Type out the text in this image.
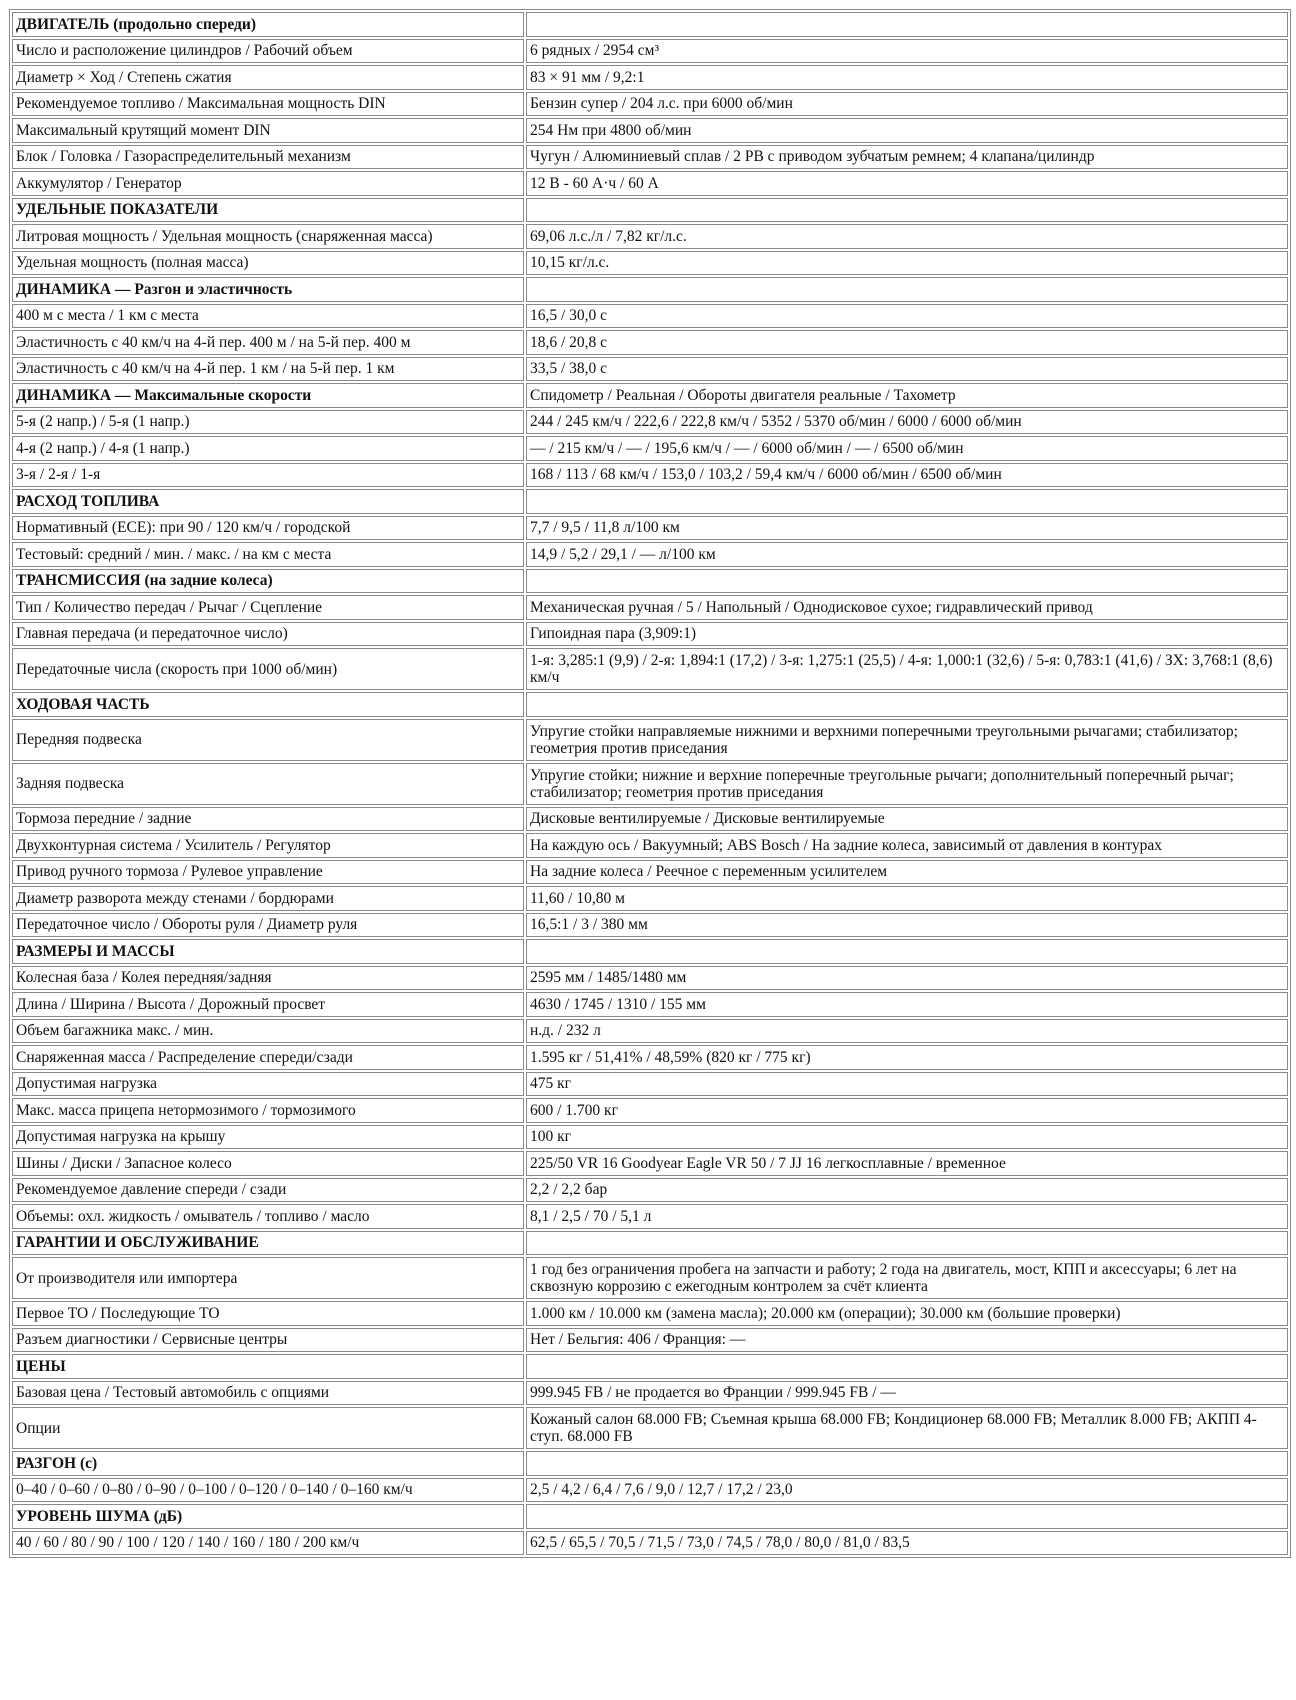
ДВИГАТЕЛЬ (продольно спереди)	
Число и расположение цилиндров / Рабочий объем	6 рядных / 2954 см³
Диаметр × Ход / Степень сжатия	83 × 91 мм / 9,2:1
Рекомендуемое топливо / Максимальная мощность DIN	Бензин супер / 204 л.с. при 6000 об/мин
Максимальный крутящий момент DIN	254 Нм при 4800 об/мин
Блок / Головка / Газораспределительный механизм	Чугун / Алюминиевый сплав / 2 РВ с приводом зубчатым ремнем; 4 клапана/цилиндр
Аккумулятор / Генератор	12 В - 60 А·ч / 60 А
УДЕЛЬНЫЕ ПОКАЗАТЕЛИ	
Литровая мощность / Удельная мощность (снаряженная масса)	69,06 л.с./л / 7,82 кг/л.с.
Удельная мощность (полная масса)	10,15 кг/л.с.
ДИНАМИКА — Разгон и эластичность	
400 м с места / 1 км с места	16,5 / 30,0 с
Эластичность с 40 км/ч на 4-й пер. 400 м / на 5-й пер. 400 м	18,6 / 20,8 с
Эластичность с 40 км/ч на 4-й пер. 1 км / на 5-й пер. 1 км	33,5 / 38,0 с
ДИНАМИКА — Максимальные скорости	Спидометр / Реальная / Обороты двигателя реальные / Тахометр
5-я (2 напр.) / 5-я (1 напр.)	244 / 245 км/ч / 222,6 / 222,8 км/ч / 5352 / 5370 об/мин / 6000 / 6000 об/мин
4-я (2 напр.) / 4-я (1 напр.)	— / 215 км/ч / — / 195,6 км/ч / — / 6000 об/мин / — / 6500 об/мин
3-я / 2-я / 1-я	168 / 113 / 68 км/ч / 153,0 / 103,2 / 59,4 км/ч / 6000 об/мин / 6500 об/мин
РАСХОД ТОПЛИВА	
Нормативный (ECE): при 90 / 120 км/ч / городской	7,7 / 9,5 / 11,8 л/100 км
Тестовый: средний / мин. / макс. / на км с места	14,9 / 5,2 / 29,1 / — л/100 км
ТРАНСМИССИЯ (на задние колеса)	
Тип / Количество передач / Рычаг / Сцепление	Механическая ручная / 5 / Напольный / Однодисковое сухое; гидравлический привод
Главная передача (и передаточное число)	Гипоидная пара (3,909:1)
Передаточные числа (скорость при 1000 об/мин)	1-я: 3,285:1 (9,9) / 2-я: 1,894:1 (17,2) / 3-я: 1,275:1 (25,5) / 4-я: 1,000:1 (32,6) / 5-я: 0,783:1 (41,6) / ЗХ: 3,768:1 (8,6) км/ч
ХОДОВАЯ ЧАСТЬ	
Передняя подвеска	Упругие стойки направляемые нижними и верхними поперечными треугольными рычагами; стабилизатор; геометрия против приседания
Задняя подвеска	Упругие стойки; нижние и верхние поперечные треугольные рычаги; дополнительный поперечный рычаг; стабилизатор; геометрия против приседания
Тормоза передние / задние	Дисковые вентилируемые / Дисковые вентилируемые
Двухконтурная система / Усилитель / Регулятор	На каждую ось / Вакуумный; ABS Bosch / На задние колеса, зависимый от давления в контурах
Привод ручного тормоза / Рулевое управление	На задние колеса / Реечное с переменным усилителем
Диаметр разворота между стенами / бордюрами	11,60 / 10,80 м
Передаточное число / Обороты руля / Диаметр руля	16,5:1 / 3 / 380 мм
РАЗМЕРЫ И МАССЫ	
Колесная база / Колея передняя/задняя	2595 мм / 1485/1480 мм
Длина / Ширина / Высота / Дорожный просвет	4630 / 1745 / 1310 / 155 мм
Объем багажника макс. / мин.	н.д. / 232 л
Снаряженная масса / Распределение спереди/сзади	1.595 кг / 51,41% / 48,59% (820 кг / 775 кг)
Допустимая нагрузка	475 кг
Макс. масса прицепа нетормозимого / тормозимого	600 / 1.700 кг
Допустимая нагрузка на крышу	100 кг
Шины / Диски / Запасное колесо	225/50 VR 16 Goodyear Eagle VR 50 / 7 JJ 16 легкосплавные / временное
Рекомендуемое давление спереди / сзади	2,2 / 2,2 бар
Объемы: охл. жидкость / омыватель / топливо / масло	8,1 / 2,5 / 70 / 5,1 л
ГАРАНТИИ И ОБСЛУЖИВАНИЕ	
От производителя или импортера	1 год без ограничения пробега на запчасти и работу; 2 года на двигатель, мост, КПП и аксессуары; 6 лет на сквозную коррозию с ежегодным контролем за счёт клиента
Первое ТО / Последующие ТО	1.000 км / 10.000 км (замена масла); 20.000 км (операции); 30.000 км (большие проверки)
Разъем диагностики / Сервисные центры	Нет / Бельгия: 406 / Франция: —
ЦЕНЫ	
Базовая цена / Тестовый автомобиль с опциями	999.945 FB / не продается во Франции / 999.945 FB / —
Опции	Кожаный салон 68.000 FB; Съемная крыша 68.000 FB; Кондиционер 68.000 FB; Металлик 8.000 FB; АКПП 4-ступ. 68.000 FB
РАЗГОН (с)	
0–40 / 0–60 / 0–80 / 0–90 / 0–100 / 0–120 / 0–140 / 0–160 км/ч	2,5 / 4,2 / 6,4 / 7,6 / 9,0 / 12,7 / 17,2 / 23,0
УРОВЕНЬ ШУМА (дБ)	
40 / 60 / 80 / 90 / 100 / 120 / 140 / 160 / 180 / 200 км/ч	62,5 / 65,5 / 70,5 / 71,5 / 73,0 / 74,5 / 78,0 / 80,0 / 81,0 / 83,5
